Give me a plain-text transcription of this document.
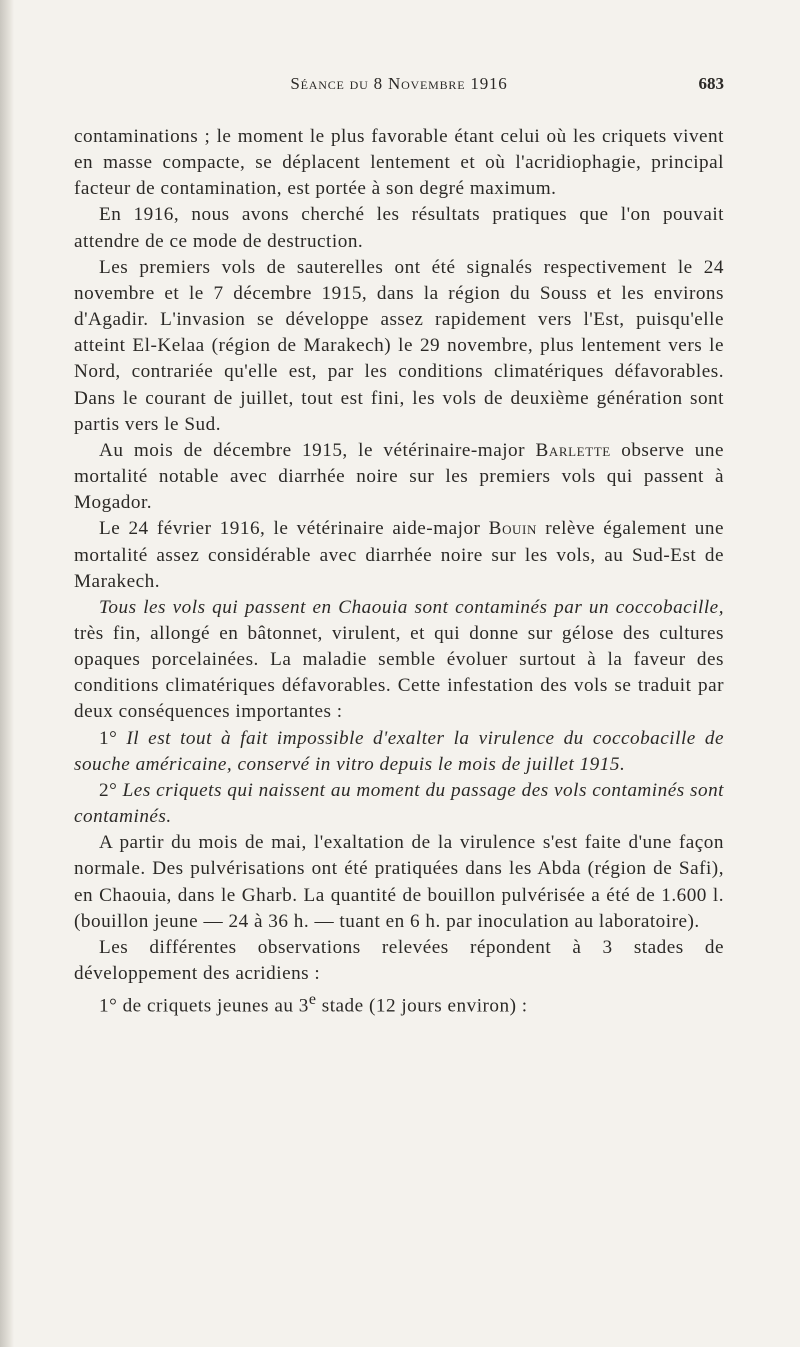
Séance du 8 Novembre 1916	683

contaminations ; le moment le plus favorable étant celui où les criquets vivent en masse compacte, se déplacent lentement et où l'acridiophagie, principal facteur de contamination, est portée à son degré maximum.

En 1916, nous avons cherché les résultats pratiques que l'on pouvait attendre de ce mode de destruction.

Les premiers vols de sauterelles ont été signalés respectivement le 24 novembre et le 7 décembre 1915, dans la région du Souss et les environs d'Agadir. L'invasion se développe assez rapidement vers l'Est, puisqu'elle atteint El-Kelaa (région de Marakech) le 29 novembre, plus lentement vers le Nord, contrariée qu'elle est, par les conditions climatériques défavorables. Dans le courant de juillet, tout est fini, les vols de deuxième génération sont partis vers le Sud.

Au mois de décembre 1915, le vétérinaire-major Barlette observe une mortalité notable avec diarrhée noire sur les premiers vols qui passent à Mogador.

Le 24 février 1916, le vétérinaire aide-major Bouin relève également une mortalité assez considérable avec diarrhée noire sur les vols, au Sud-Est de Marakech.

Tous les vols qui passent en Chaouia sont contaminés par un coccobacille, très fin, allongé en bâtonnet, virulent, et qui donne sur gélose des cultures opaques porcelainées. La maladie semble évoluer surtout à la faveur des conditions climatériques défavorables. Cette infestation des vols se traduit par deux conséquences importantes :

1° Il est tout à fait impossible d'exalter la virulence du coccobacille de souche américaine, conservé in vitro depuis le mois de juillet 1915.

2° Les criquets qui naissent au moment du passage des vols contaminés sont contaminés.

A partir du mois de mai, l'exaltation de la virulence s'est faite d'une façon normale. Des pulvérisations ont été pratiquées dans les Abda (région de Safi), en Chaouia, dans le Gharb. La quantité de bouillon pulvérisée a été de 1.600 l. (bouillon jeune — 24 à 36 h. — tuant en 6 h. par inoculation au laboratoire).

Les différentes observations relevées répondent à 3 stades de développement des acridiens :

1° de criquets jeunes au 3e stade (12 jours environ) :
